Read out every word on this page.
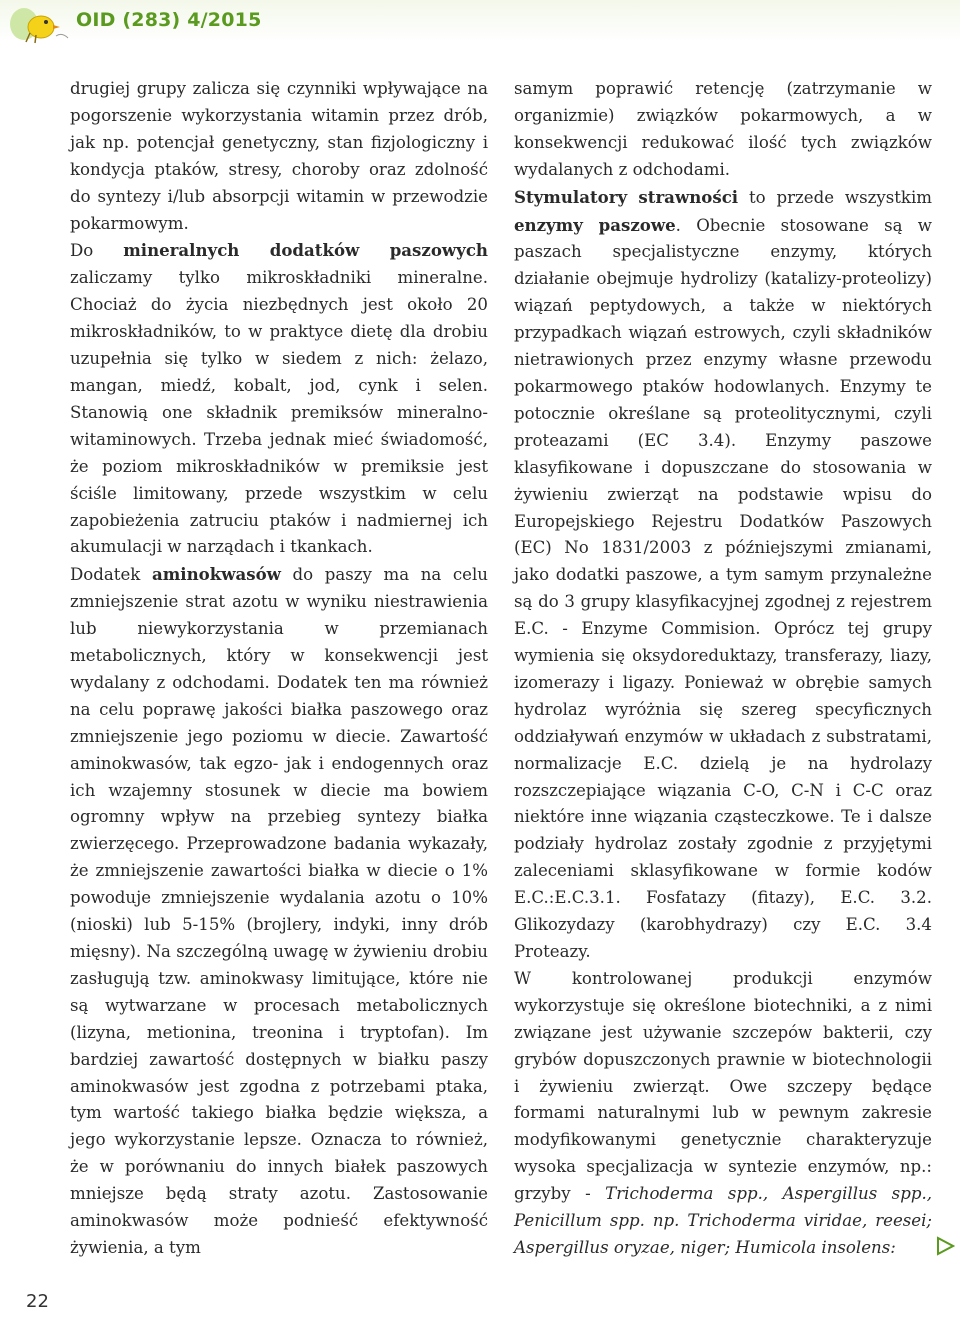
OID (283) 4/2015

drugiej grupy zalicza się czynniki wpływające na pogorszenie wykorzystania witamin przez drób, jak np. potencjał genetyczny, stan fizjologiczny i kondycja ptaków, stresy, choroby oraz zdolność do syntezy i/lub absorpcji witamin w przewodzie pokarmowym.

Do mineralnych dodatków paszowych zaliczamy tylko mikroskładniki mineralne. Chociaż do życia niezbędnych jest około 20 mikroskładników, to w praktyce dietę dla drobiu uzupełnia się tylko w siedem z nich: żelazo, mangan, miedź, kobalt, jod, cynk i selen. Stanowią one składnik premiksów mineralno-witaminowych. Trzeba jednak mieć świadomość, że poziom mikroskładników w premiksie jest ściśle limitowany, przede wszystkim w celu zapobieżenia zatruciu ptaków i nadmiernej ich akumulacji w narządach i tkankach.

Dodatek aminokwasów do paszy ma na celu zmniejszenie strat azotu w wyniku niestrawienia lub niewykorzystania w przemianach metabolicznych, który w konsekwencji jest wydalany z odchodami. Dodatek ten ma również na celu poprawę jakości białka paszowego oraz zmniejszenie jego poziomu w diecie. Zawartość aminokwasów, tak egzo- jak i endogennych oraz ich wzajemny stosunek w diecie ma bowiem ogromny wpływ na przebieg syntezy białka zwierzęcego. Przeprowadzone badania wykazały, że zmniejszenie zawartości białka w diecie o 1% powoduje zmniejszenie wydalania azotu o 10% (nioski) lub 5-15% (brojlery, indyki, inny drób mięsny). Na szczególną uwagę w żywieniu drobiu zasługują tzw. aminokwasy limitujące, które nie są wytwarzane w procesach metabolicznych (lizyna, metionina, treonina i tryptofan). Im bardziej zawartość dostępnych w białku paszy aminokwasów jest zgodna z potrzebami ptaka, tym wartość takiego białka będzie większa, a jego wykorzystanie lepsze. Oznacza to również, że w porównaniu do innych białek paszowych mniejsze będą straty azotu. Zastosowanie aminokwasów może podnieść efektywność żywienia, a tym

samym poprawić retencję (zatrzymanie w organizmie) związków pokarmowych, a w konsekwencji redukować ilość tych związków wydalanych z odchodami.

Stymulatory strawności to przede wszystkim enzymy paszowe. Obecnie stosowane są w paszach specjalistyczne enzymy, których działanie obejmuje hydrolizy (katalizy-proteolizy) wiązań peptydowych, a także w niektórych przypadkach wiązań estrowych, czyli składników nietrawionych przez enzymy własne przewodu pokarmowego ptaków hodowlanych. Enzymy te potocznie określane są proteolitycznymi, czyli proteazami (EC 3.4). Enzymy paszowe klasyfikowane i dopuszczane do stosowania w żywieniu zwierząt na podstawie wpisu do Europejskiego Rejestru Dodatków Paszowych (EC) No 1831/2003 z późniejszymi zmianami, jako dodatki paszowe, a tym samym przynależne są do 3 grupy klasyfikacyjnej zgodnej z rejestrem E.C. - Enzyme Commision. Oprócz tej grupy wymienia się oksydoreduktazy, transferazy, liazy, izomerazy i ligazy. Ponieważ w obrębie samych hydrolaz wyróżnia się szereg specyficznych oddziaływań enzymów w układach z substratami, normalizacje E.C. dzielą je na hydrolazy rozszczepiające wiązania C-O, C-N i C-C oraz niektóre inne wiązania cząsteczkowe. Te i dalsze podziały hydrolaz zostały zgodnie z przyjętymi zaleceniami sklasyfikowane w formie kodów E.C.:E.C.3.1. Fosfatazy (fitazy), E.C. 3.2. Glikozydazy (karobhydrazy) czy E.C. 3.4 Proteazy.

W kontrolowanej produkcji enzymów wykorzystuje się określone biotechniki, a z nimi związane jest używanie szczepów bakterii, czy grybów dopuszczonych prawnie w biotechnologii i żywieniu zwierząt. Owe szczepy będące formami naturalnymi lub w pewnym zakresie modyfikowanymi genetycznie charakteryzuje wysoka specjalizacja w syntezie enzymów, np.: grzyby - Trichoderma spp., Aspergillus spp., Penicillum spp. np. Trichoderma viridae, reesei; Aspergillus oryzae, niger; Humicola insolens:

22
